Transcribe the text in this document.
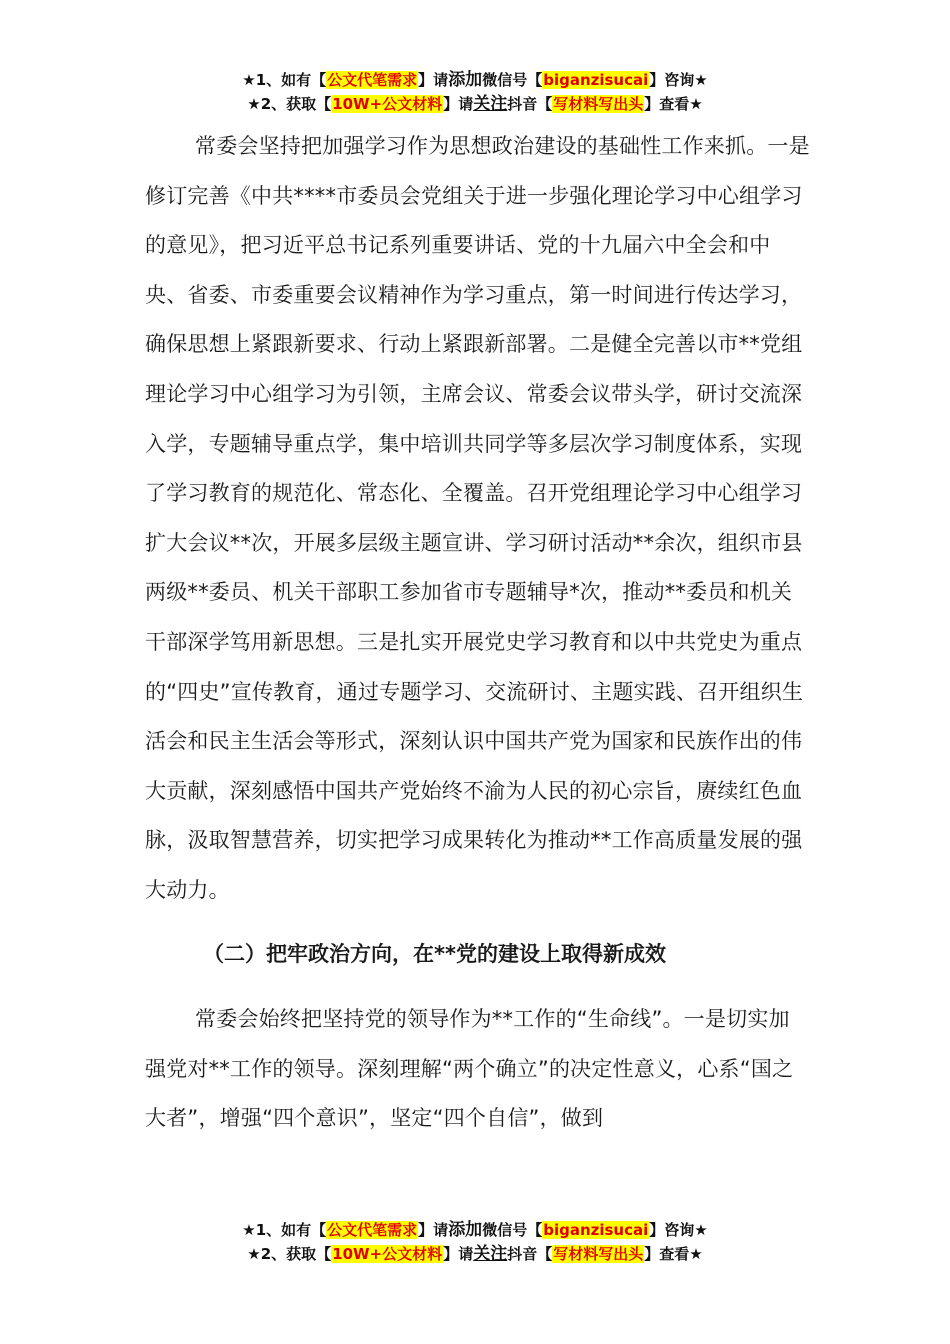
★1、如有【公文代笔需求】请添加微信号【biganzisucai】咨询★
★2、获取【10W+公文材料】请关注抖音【写材料写出头】查看★

常委会坚持把加强学习作为思想政治建设的基础性工作来抓。一是修订完善《中共****市委员会党组关于进一步强化理论学习中心组学习的意见》，把习近平总书记系列重要讲话、党的十九届六中全会和中央、省委、市委重要会议精神作为学习重点，第一时间进行传达学习，确保思想上紧跟新要求、行动上紧跟新部署。二是健全完善以市**党组理论学习中心组学习为引领，主席会议、常委会议带头学，研讨交流深入学，专题辅导重点学，集中培训共同学等多层次学习制度体系，实现了学习教育的规范化、常态化、全覆盖。召开党组理论学习中心组学习扩大会议**次，开展多层级主题宣讲、学习研讨活动**余次，组织市县两级**委员、机关干部职工参加省市专题辅导*次，推动**委员和机关干部深学笃用新思想。三是扎实开展党史学习教育和以中共党史为重点的“四史”宣传教育，通过专题学习、交流研讨、主题实践、召开组织生活会和民主生活会等形式，深刻认识中国共产党为国家和民族作出的伟大贡献，深刻感悟中国共产党始终不渝为人民的初心宗旨，赓续红色血脉，汲取智慧营养，切实把学习成果转化为推动**工作高质量发展的强大动力。

（二）把牢政治方向，在**党的建设上取得新成效

常委会始终把坚持党的领导作为**工作的“生命线”。一是切实加强党对**工作的领导。深刻理解“两个确立”的决定性意义，心系“国之大者”，增强“四个意识”，坚定“四个自信”，做到

★1、如有【公文代笔需求】请添加微信号【biganzisucai】咨询★
★2、获取【10W+公文材料】请关注抖音【写材料写出头】查看★
